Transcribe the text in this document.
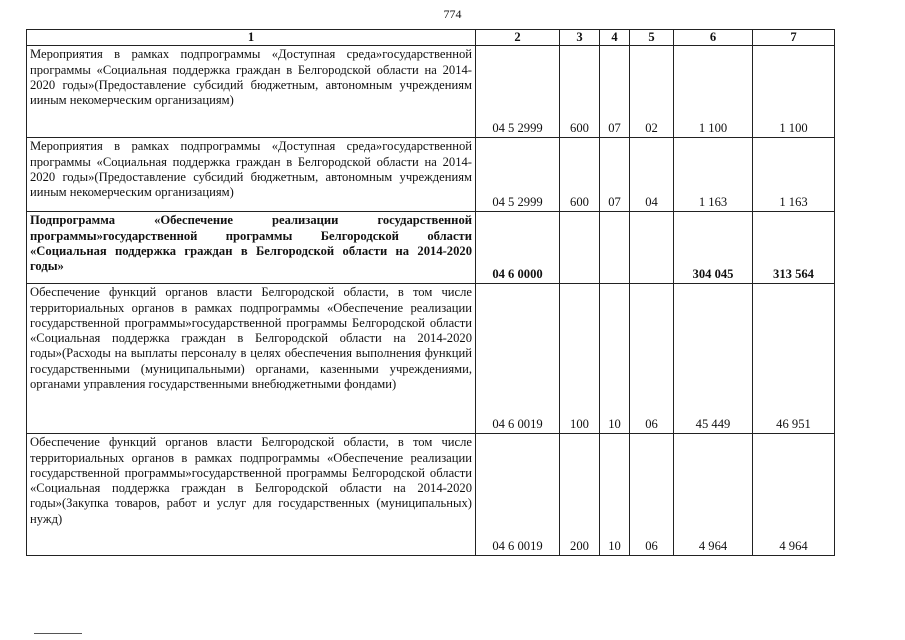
774
1	2	3	4	5	6	7
Мероприятия в рамках подпрограммы «Доступная среда»государственной программы «Социальная поддержка граждан в Белгородской области на 2014-2020 годы»(Предоставление субсидий бюджетным, автономным учреждениям ииным некомерческим организациям)	04 5 2999	600	07	02	1 100	1 100
Мероприятия в рамках подпрограммы «Доступная среда»государственной программы «Социальная поддержка граждан в Белгородской области на 2014-2020 годы»(Предоставление субсидий бюджетным, автономным учреждениям ииным некомерческим организациям)	04 5 2999	600	07	04	1 163	1 163
Подпрограмма «Обеспечение реализации государственной программы»государственной программы Белгородской области «Социальная поддержка граждан в Белгородской области на 2014-2020 годы»	04 6 0000				304 045	313 564
Обеспечение функций органов власти Белгородской области, в том числе территориальных органов в рамках подпрограммы «Обеспечение реализации государственной программы»государственной программы Белгородской области «Социальная поддержка граждан в Белгородской области на 2014-2020 годы»(Расходы на выплаты персоналу в целях обеспечения выполнения функций государственными (муниципальными) органами, казенными учреждениями, органами управления государственными внебюджетными фондами)	04 6 0019	100	10	06	45 449	46 951
Обеспечение функций органов власти Белгородской области, в том числе территориальных органов в рамках подпрограммы «Обеспечение реализации государственной программы»государственной программы Белгородской области «Социальная поддержка граждан в Белгородской области на 2014-2020 годы»(Закупка товаров, работ и услуг для государственных (муниципальных) нужд)	04 6 0019	200	10	06	4 964	4 964
